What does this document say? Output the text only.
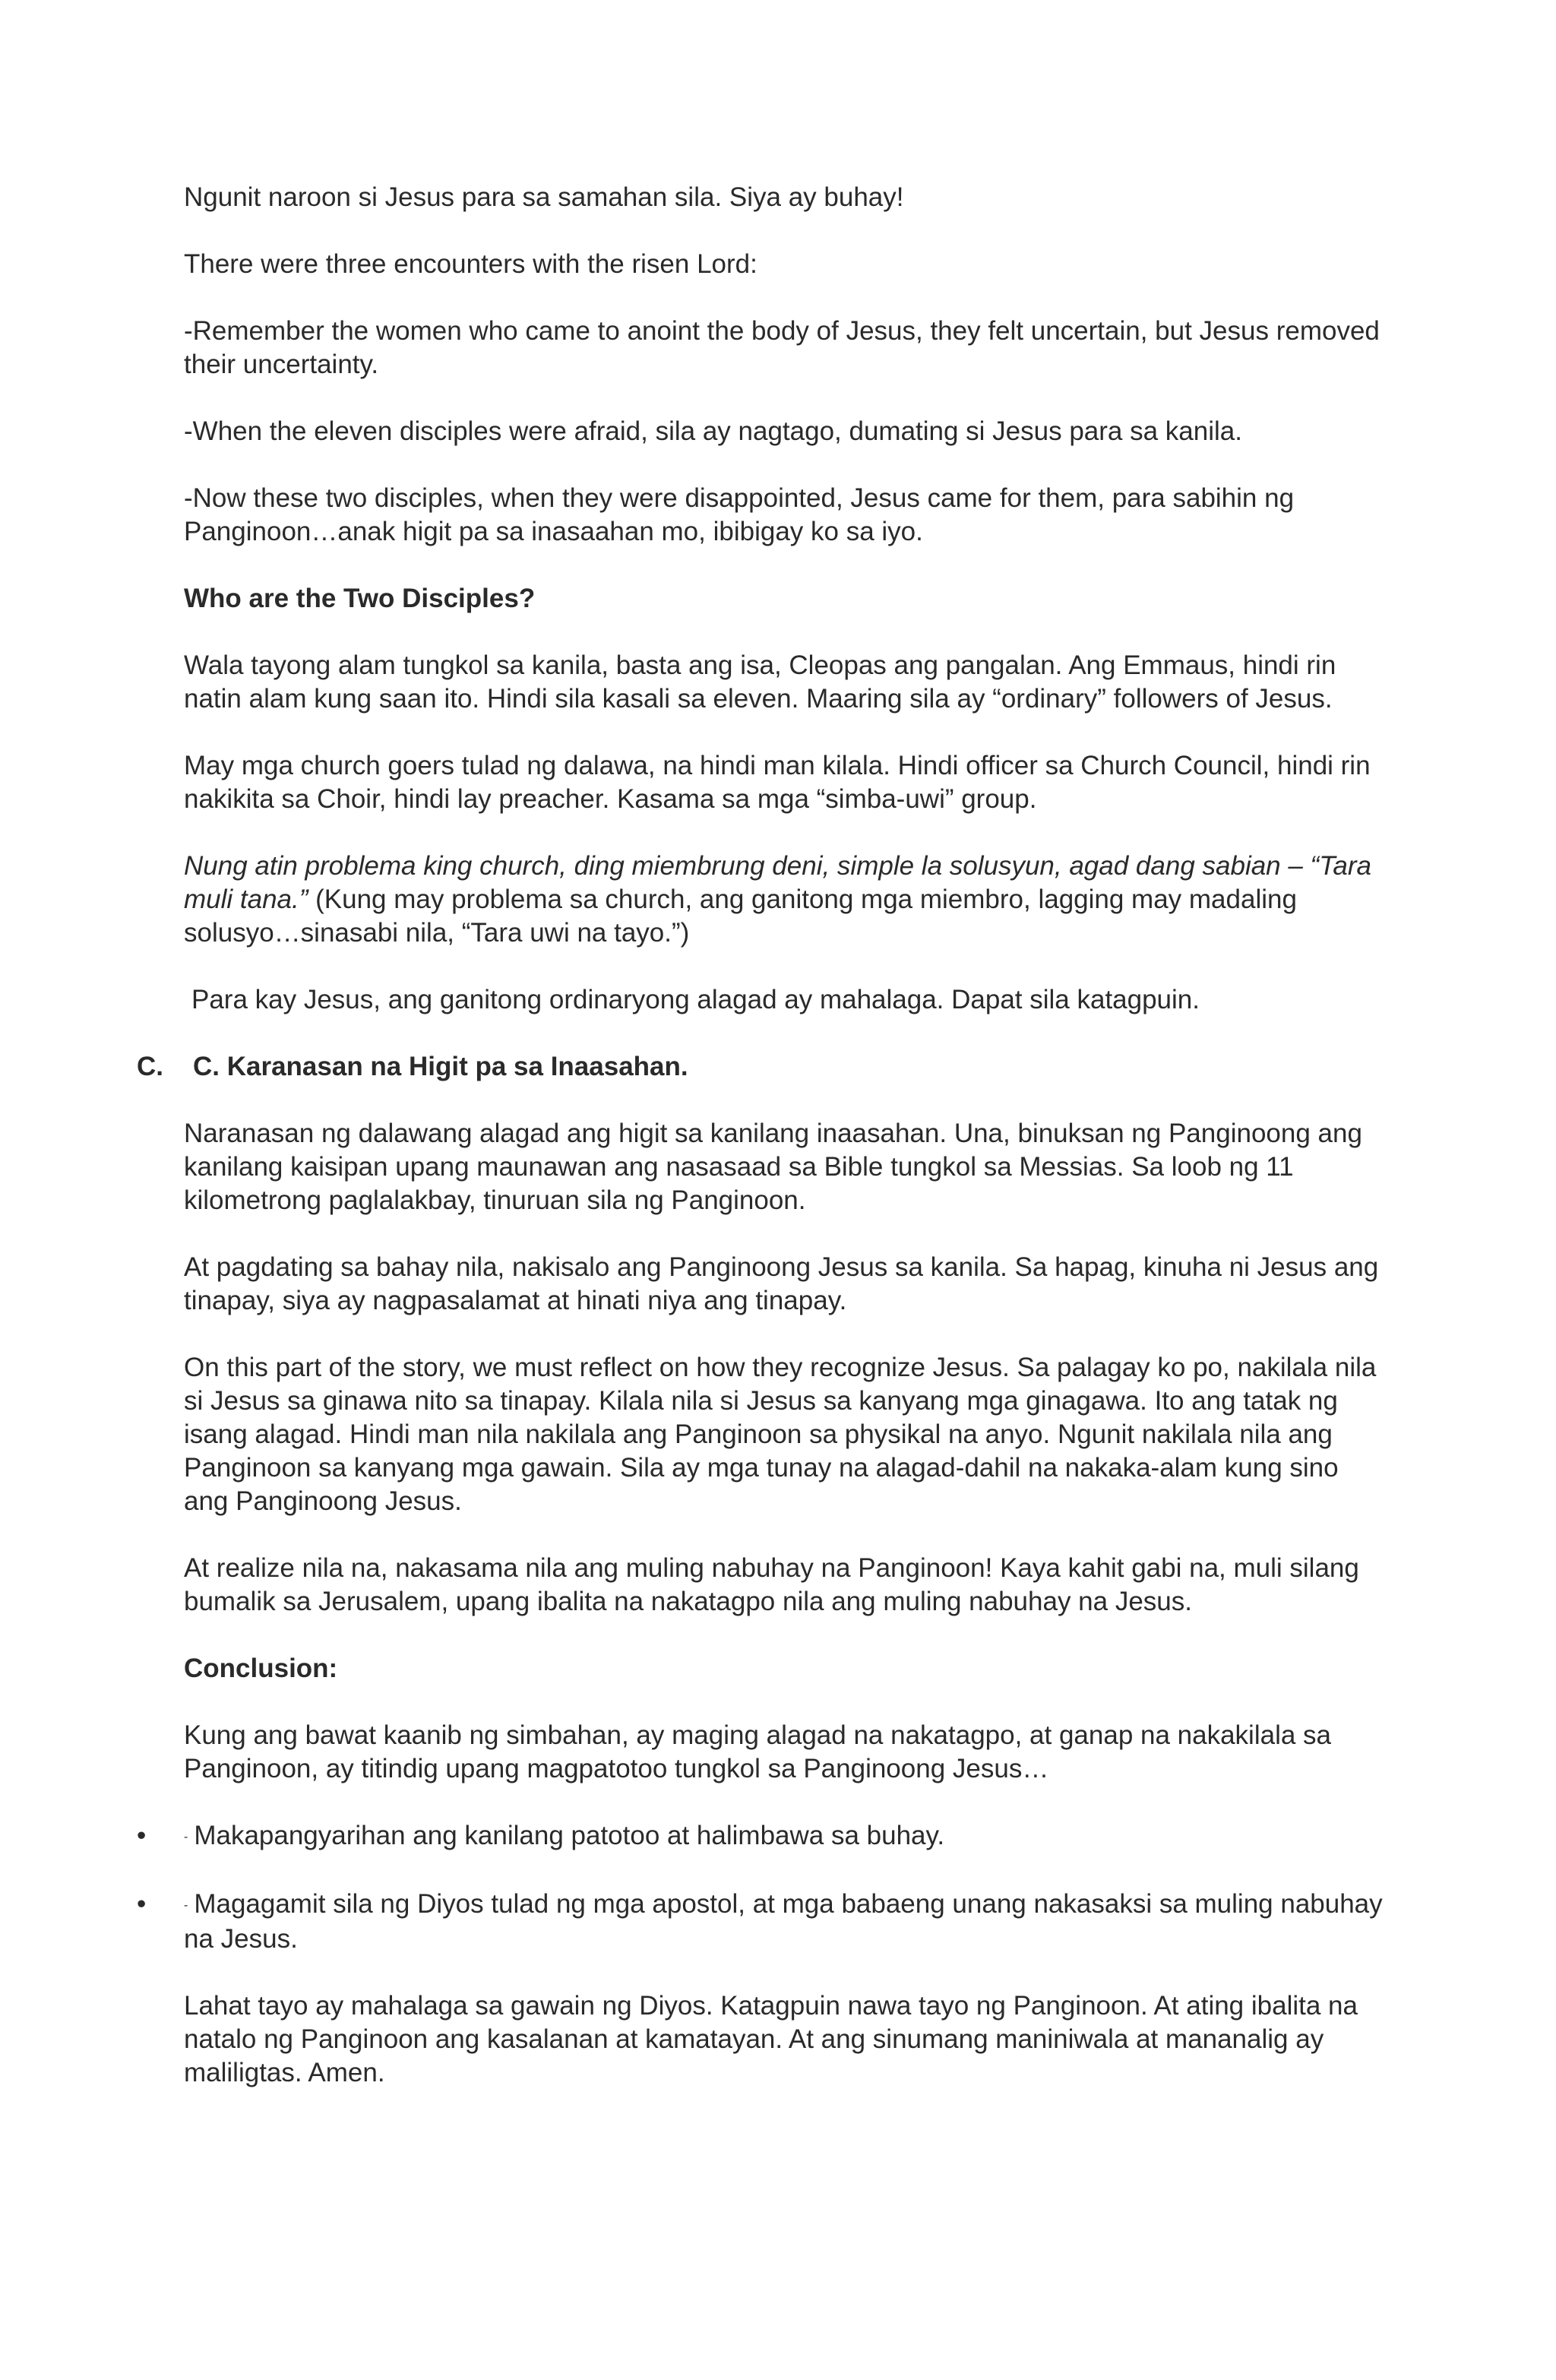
Ngunit naroon si Jesus para sa samahan sila. Siya ay buhay!

There were three encounters with the risen Lord:

-Remember the women who came to anoint the body of Jesus, they felt uncertain, but Jesus removed their uncertainty.

-When the eleven disciples were afraid, sila ay nagtago, dumating si Jesus para sa kanila.

-Now these two disciples, when they were disappointed, Jesus came for them, para sabihin ng Panginoon…anak higit pa sa inasaahan mo, ibibigay ko sa iyo.

Who are the Two Disciples?

Wala tayong alam tungkol sa kanila, basta ang isa, Cleopas ang pangalan. Ang Emmaus, hindi rin natin alam kung saan ito. Hindi sila kasali sa eleven. Maaring sila ay “ordinary” followers of Jesus.

May mga church goers tulad ng dalawa, na hindi man kilala. Hindi officer sa Church Council, hindi rin nakikita sa Choir, hindi lay preacher. Kasama sa mga “simba-uwi” group.

Nung atin problema king church, ding miembrung deni, simple la solusyun, agad dang sabian – “Tara muli tana.” (Kung may problema sa church, ang ganitong mga miembro, lagging may madaling solusyo…sinasabi nila, “Tara uwi na tayo.”)

Para kay Jesus, ang ganitong ordinaryong alagad ay mahalaga. Dapat sila katagpuin.

C. C. Karanasan na Higit pa sa Inaasahan.

Naranasan ng dalawang alagad ang higit sa kanilang inaasahan. Una, binuksan ng Panginoong ang kanilang kaisipan upang maunawan ang nasasaad sa Bible tungkol sa Messias. Sa loob ng 11 kilometrong paglalakbay, tinuruan sila ng Panginoon.

At pagdating sa bahay nila, nakisalo ang Panginoong Jesus sa kanila. Sa hapag, kinuha ni Jesus ang tinapay, siya ay nagpasalamat at hinati niya ang tinapay.

On this part of the story, we must reflect on how they recognize Jesus. Sa palagay ko po, nakilala nila si Jesus sa ginawa nito sa tinapay. Kilala nila si Jesus sa kanyang mga ginagawa. Ito ang tatak ng isang alagad. Hindi man nila nakilala ang Panginoon sa physikal na anyo. Ngunit nakilala nila ang Panginoon sa kanyang mga gawain. Sila ay mga tunay na alagad-dahil na nakaka-alam kung sino ang Panginoong Jesus.

At realize nila na, nakasama nila ang muling nabuhay na Panginoon! Kaya kahit gabi na, muli silang bumalik sa Jerusalem, upang ibalita na nakatagpo nila ang muling nabuhay na Jesus.

Conclusion:

Kung ang bawat kaanib ng simbahan, ay maging alagad na nakatagpo, at ganap na nakakilala sa Panginoon, ay titindig upang magpatotoo tungkol sa Panginoong Jesus…

•	- Makapangyarihan ang kanilang patotoo at halimbawa sa buhay.

•	- Magagamit sila ng Diyos tulad ng mga apostol, at mga babaeng unang nakasaksi sa muling nabuhay na Jesus.

Lahat tayo ay mahalaga sa gawain ng Diyos. Katagpuin nawa tayo ng Panginoon. At ating ibalita na natalo ng Panginoon ang kasalanan at kamatayan. At ang sinumang maniniwala at mananalig ay maliligtas. Amen.
